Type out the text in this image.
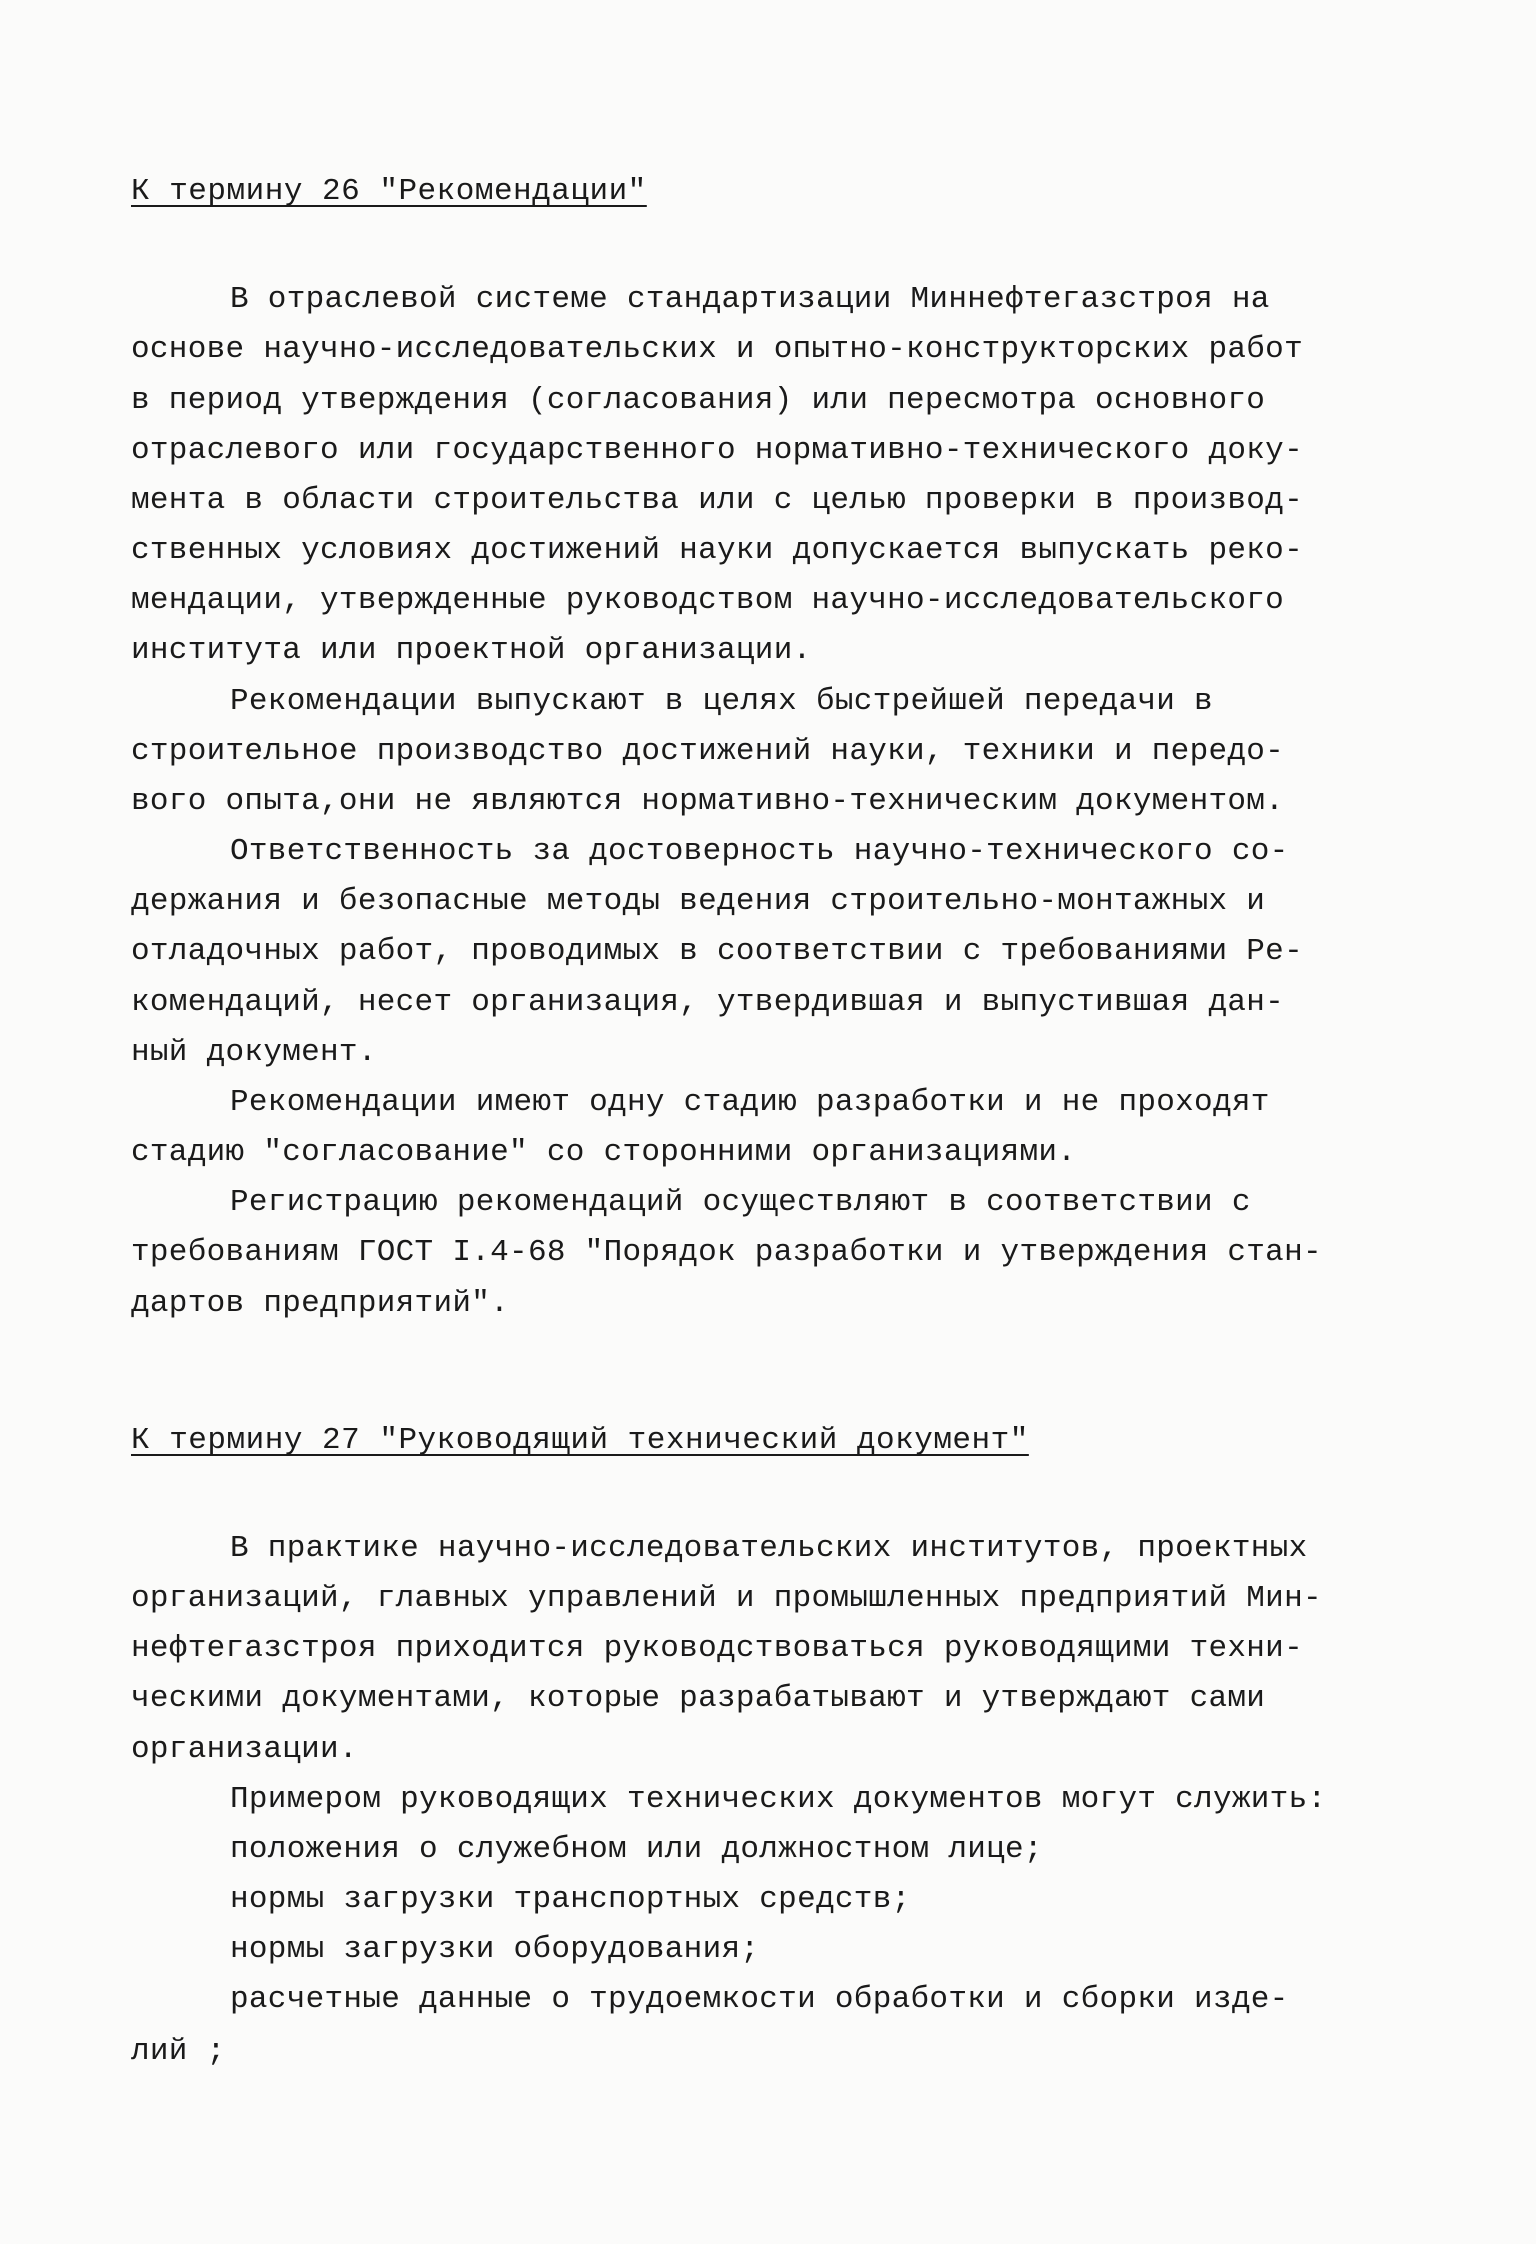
К термину 26 "Рекомендации"
В отраслевой системе стандартизации Миннефтегазстроя на
основе научно-исследовательских и опытно-конструкторских работ
в период утверждения (согласования) или пересмотра основного
отраслевого или государственного нормативно-технического доку-
мента в области строительства или с целью проверки в производ-
ственных условиях достижений науки допускается выпускать реко-
мендации, утвержденные руководством научно-исследовательского
института или проектной организации.
Рекомендации выпускают в целях быстрейшей передачи в
строительное производство достижений науки, техники и передо-
вого опыта,они не являются нормативно-техническим документом.
Ответственность за достоверность научно-технического со-
держания и безопасные методы ведения строительно-монтажных и
отладочных работ, проводимых в соответствии с требованиями Ре-
комендаций, несет организация, утвердившая и выпустившая дан-
ный документ.
Рекомендации имеют одну стадию разработки и не проходят
стадию "согласование" со сторонними организациями.
Регистрацию рекомендаций осуществляют в соответствии с
требованиям ГОСТ I.4-68 "Порядок разработки и утверждения стан-
дартов предприятий".
К термину 27 "Руководящий технический документ"
В практике научно-исследовательских институтов, проектных
организаций, главных управлений и промышленных предприятий Мин-
нефтегазстроя приходится руководствоваться руководящими техни-
ческими документами, которые разрабатывают и утверждают сами
организации.
Примером руководящих технических документов могут служить:
положения о служебном или должностном лице;
нормы загрузки транспортных средств;
нормы загрузки оборудования;
расчетные данные о трудоемкости обработки и сборки изде-
лий ;
